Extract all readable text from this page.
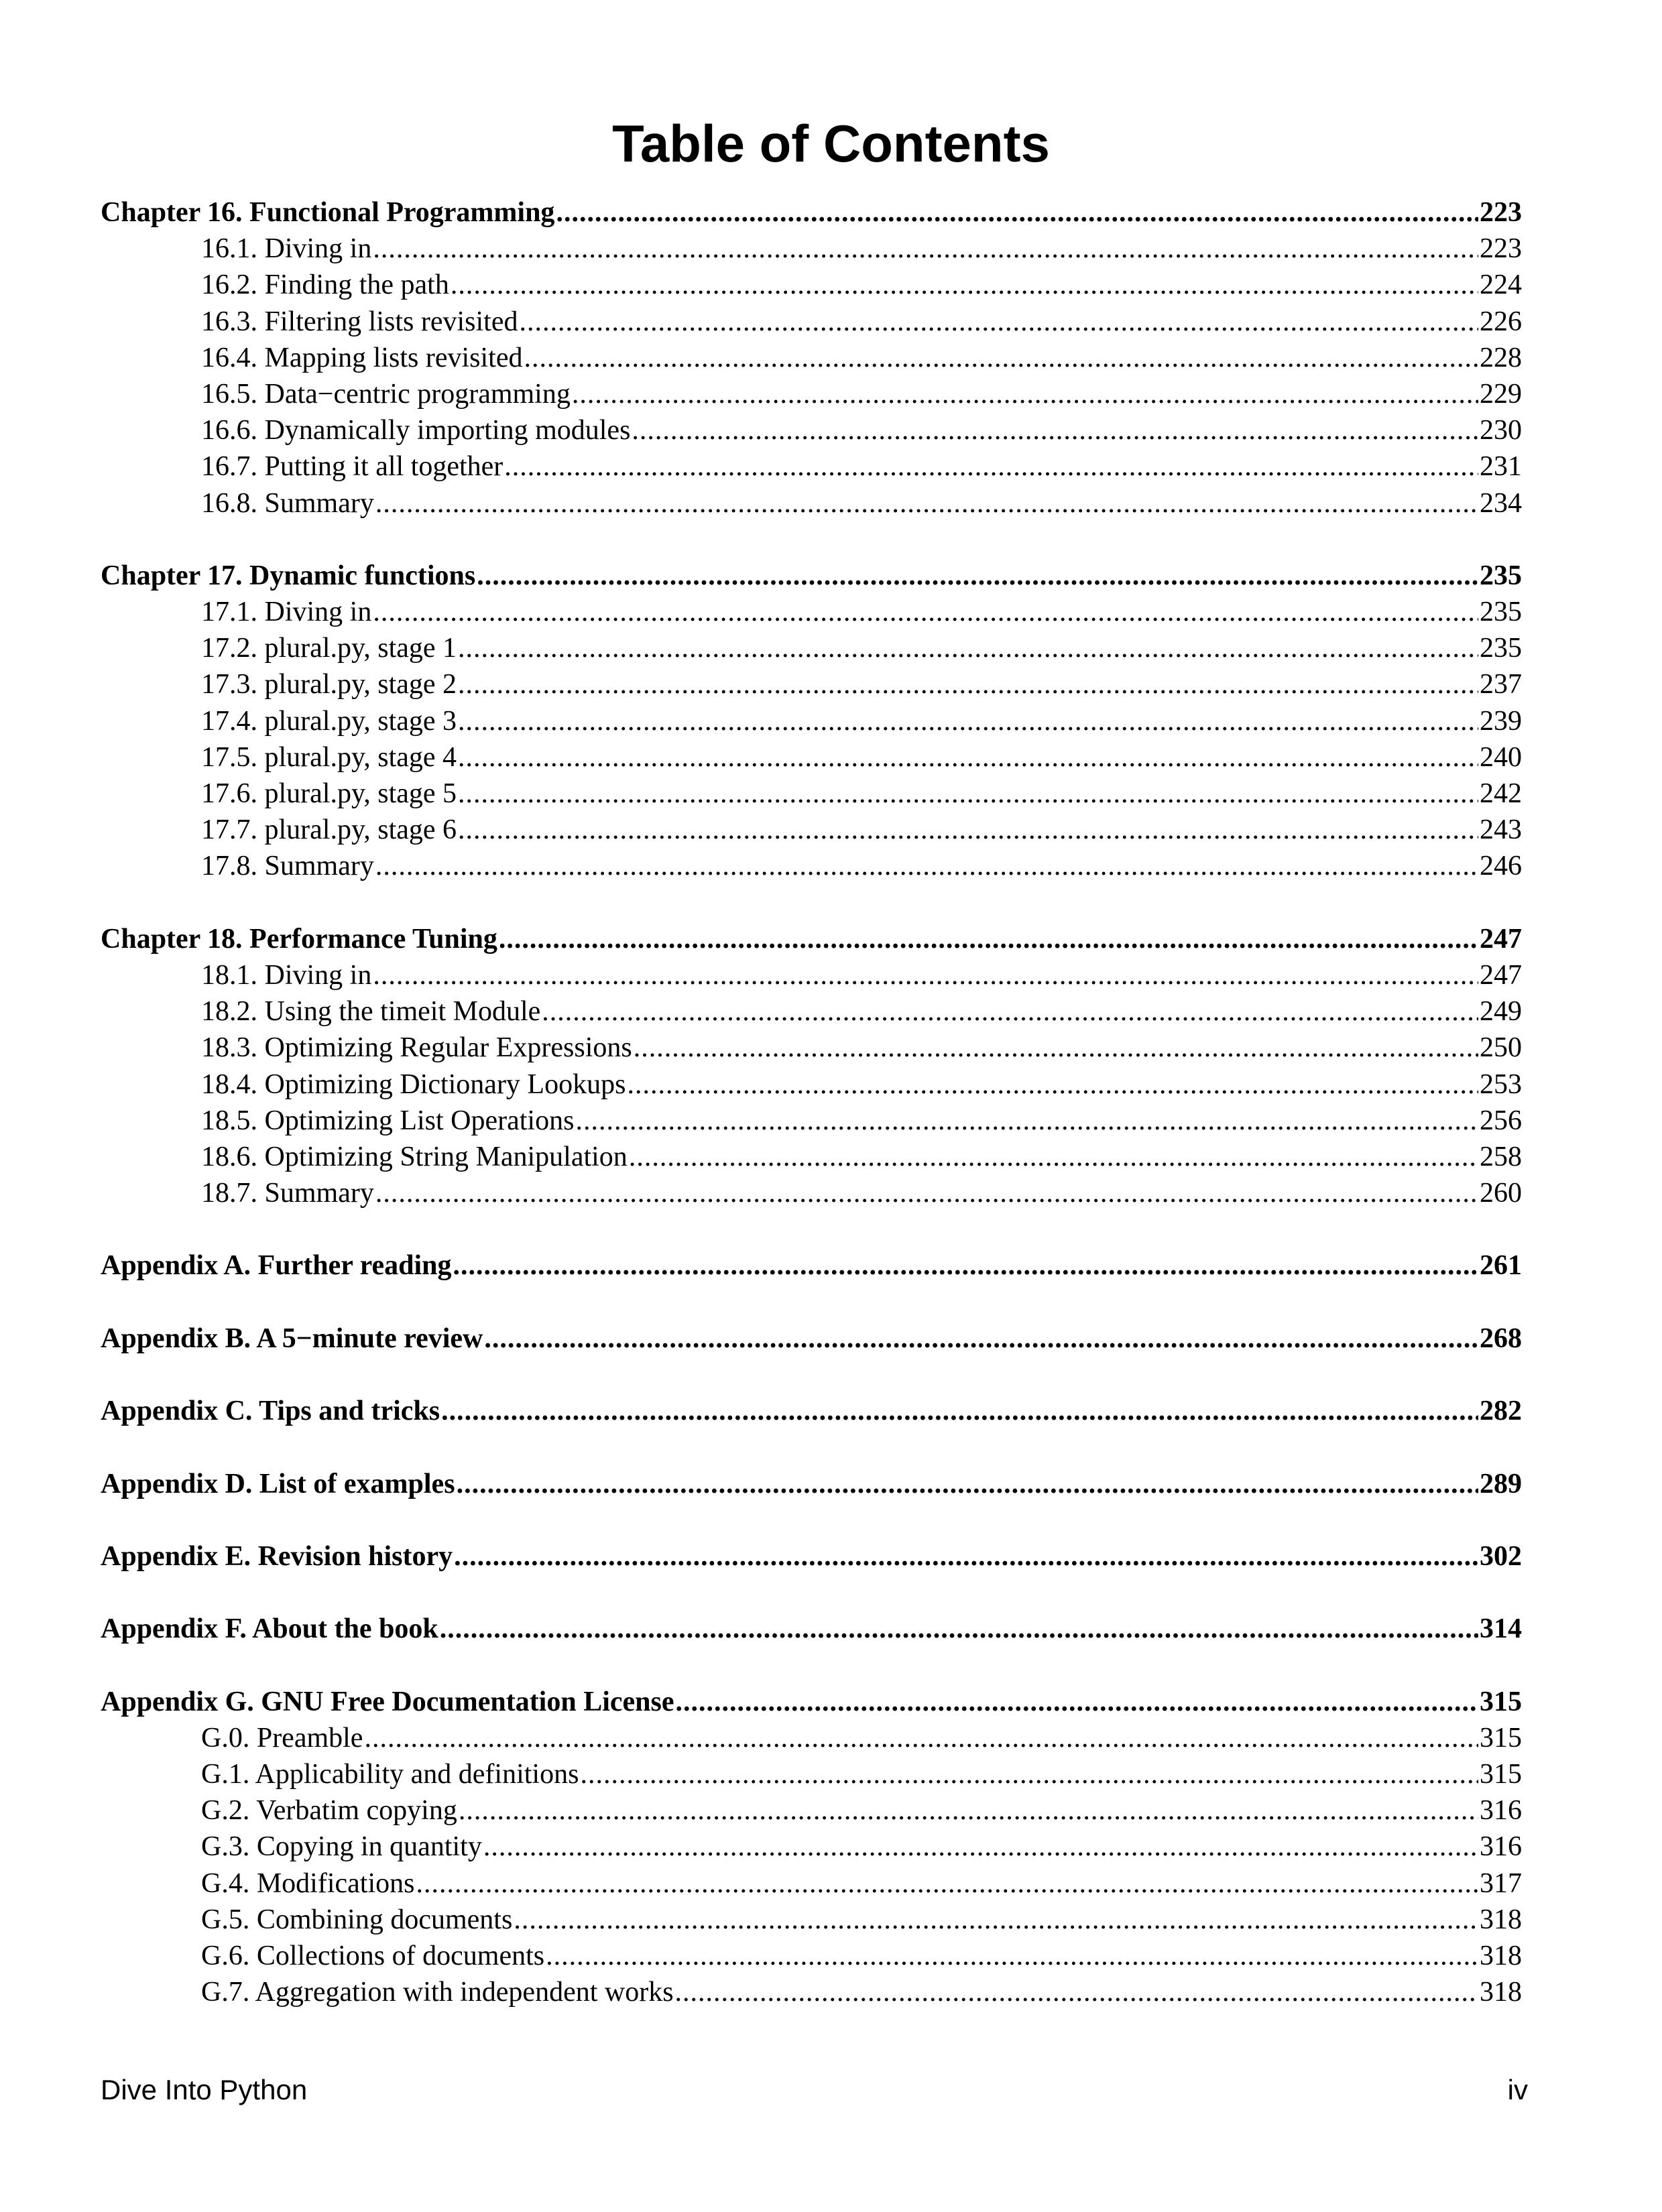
Table of Contents
Chapter 16. Functional Programming .....	223
16.1. Diving in .....	223
16.2. Finding the path .....	224
16.3. Filtering lists revisited .....	226
16.4. Mapping lists revisited .....	228
16.5. Data−centric programming .....	229
16.6. Dynamically importing modules .....	230
16.7. Putting it all together .....	231
16.8. Summary .....	234
Chapter 17. Dynamic functions .....	235
17.1. Diving in .....	235
17.2. plural.py, stage 1 .....	235
17.3. plural.py, stage 2 .....	237
17.4. plural.py, stage 3 .....	239
17.5. plural.py, stage 4 .....	240
17.6. plural.py, stage 5 .....	242
17.7. plural.py, stage 6 .....	243
17.8. Summary .....	246
Chapter 18. Performance Tuning .....	247
18.1. Diving in .....	247
18.2. Using the timeit Module .....	249
18.3. Optimizing Regular Expressions .....	250
18.4. Optimizing Dictionary Lookups .....	253
18.5. Optimizing List Operations .....	256
18.6. Optimizing String Manipulation .....	258
18.7. Summary .....	260
Appendix A. Further reading .....	261
Appendix B. A 5−minute review .....	268
Appendix C. Tips and tricks .....	282
Appendix D. List of examples .....	289
Appendix E. Revision history .....	302
Appendix F. About the book .....	314
Appendix G. GNU Free Documentation License .....	315
G.0. Preamble .....	315
G.1. Applicability and definitions .....	315
G.2. Verbatim copying .....	316
G.3. Copying in quantity .....	316
G.4. Modifications .....	317
G.5. Combining documents .....	318
G.6. Collections of documents .....	318
G.7. Aggregation with independent works .....	318
Dive Into Python	iv
